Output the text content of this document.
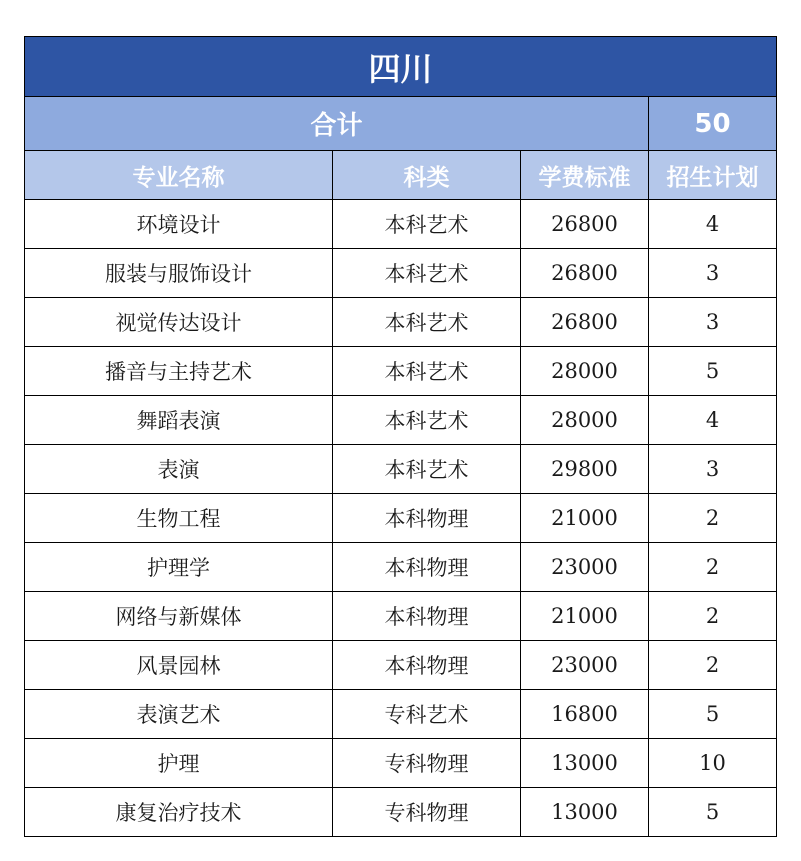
四川			
合计			50
专业名称	科类	学费标准	招生计划
环境设计	本科艺术	26800	4
服装与服饰设计	本科艺术	26800	3
视觉传达设计	本科艺术	26800	3
播音与主持艺术	本科艺术	28000	5
舞蹈表演	本科艺术	28000	4
表演	本科艺术	29800	3
生物工程	本科物理	21000	2
护理学	本科物理	23000	2
网络与新媒体	本科物理	21000	2
风景园林	本科物理	23000	2
表演艺术	专科艺术	16800	5
护理	专科物理	13000	10
康复治疗技术	专科物理	13000	5
